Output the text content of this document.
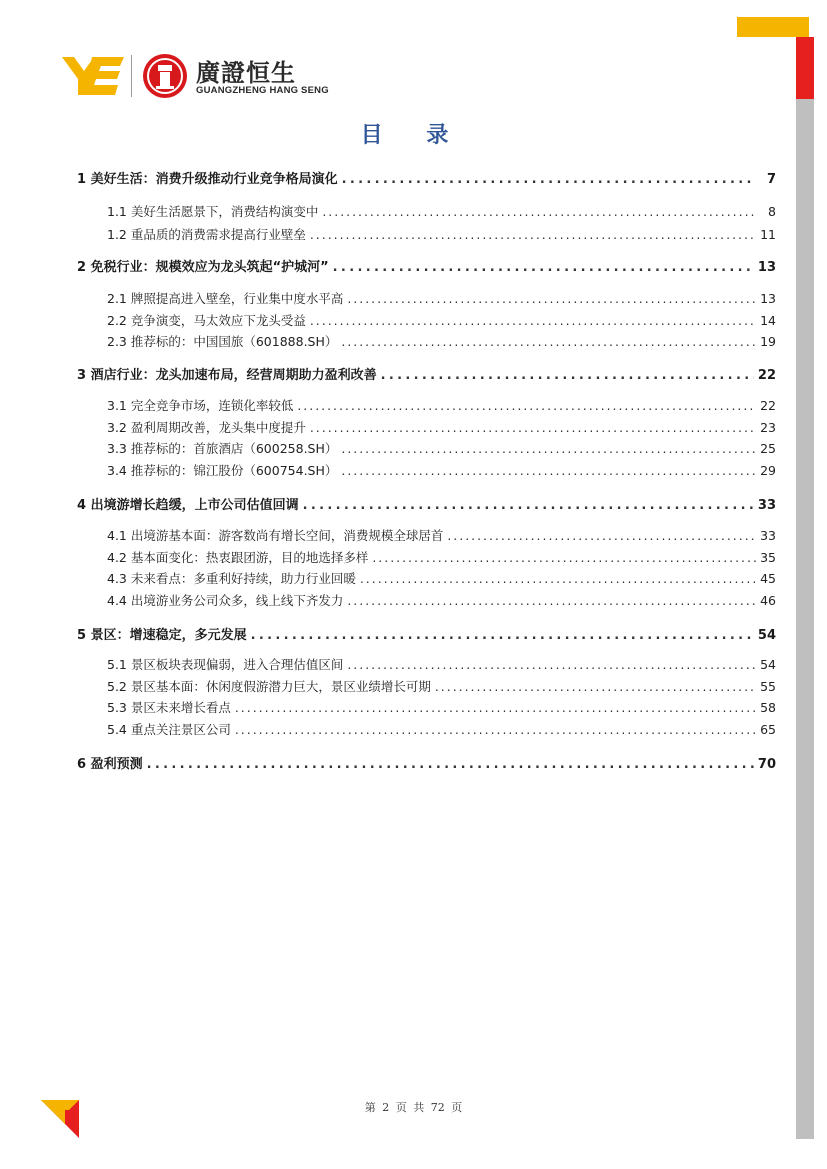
廣證恒生
GUANGZHENG HANG SENG
目 录
1 美好生活：消费升级推动行业竞争格局演化 . . .	7
1.1 美好生活愿景下，消费结构演变中 . . .	8
1.2 重品质的消费需求提高行业壁垒 . . .	11
2 免税行业：规模效应为龙头筑起“护城河” . . .	13
2.1 牌照提高进入壁垒，行业集中度水平高 . . .	13
2.2 竞争演变，马太效应下龙头受益 . . .	14
2.3 推荐标的：中国国旅（601888.SH） . . .	19
3 酒店行业：龙头加速布局，经营周期助力盈利改善 . . .	22
3.1 完全竞争市场，连锁化率较低 . . .	22
3.2 盈利周期改善，龙头集中度提升 . . .	23
3.3 推荐标的：首旅酒店（600258.SH） . . .	25
3.4 推荐标的：锦江股份（600754.SH） . . .	29
4 出境游增长趋缓，上市公司估值回调 . . .	33
4.1 出境游基本面：游客数尚有增长空间，消费规模全球居首 . . .	33
4.2 基本面变化：热衷跟团游，目的地选择多样 . . .	35
4.3 未来看点：多重利好持续，助力行业回暖 . . .	45
4.4 出境游业务公司众多，线上线下齐发力 . . .	46
5 景区：增速稳定，多元发展 . . .	54
5.1 景区板块表现偏弱，进入合理估值区间 . . .	54
5.2 景区基本面：休闲度假游潜力巨大，景区业绩增长可期 . . .	55
5.3 景区未来增长看点 . . .	58
5.4 重点关注景区公司 . . .	65
6 盈利预测 . . .	70
第 2 页 共 72 页
